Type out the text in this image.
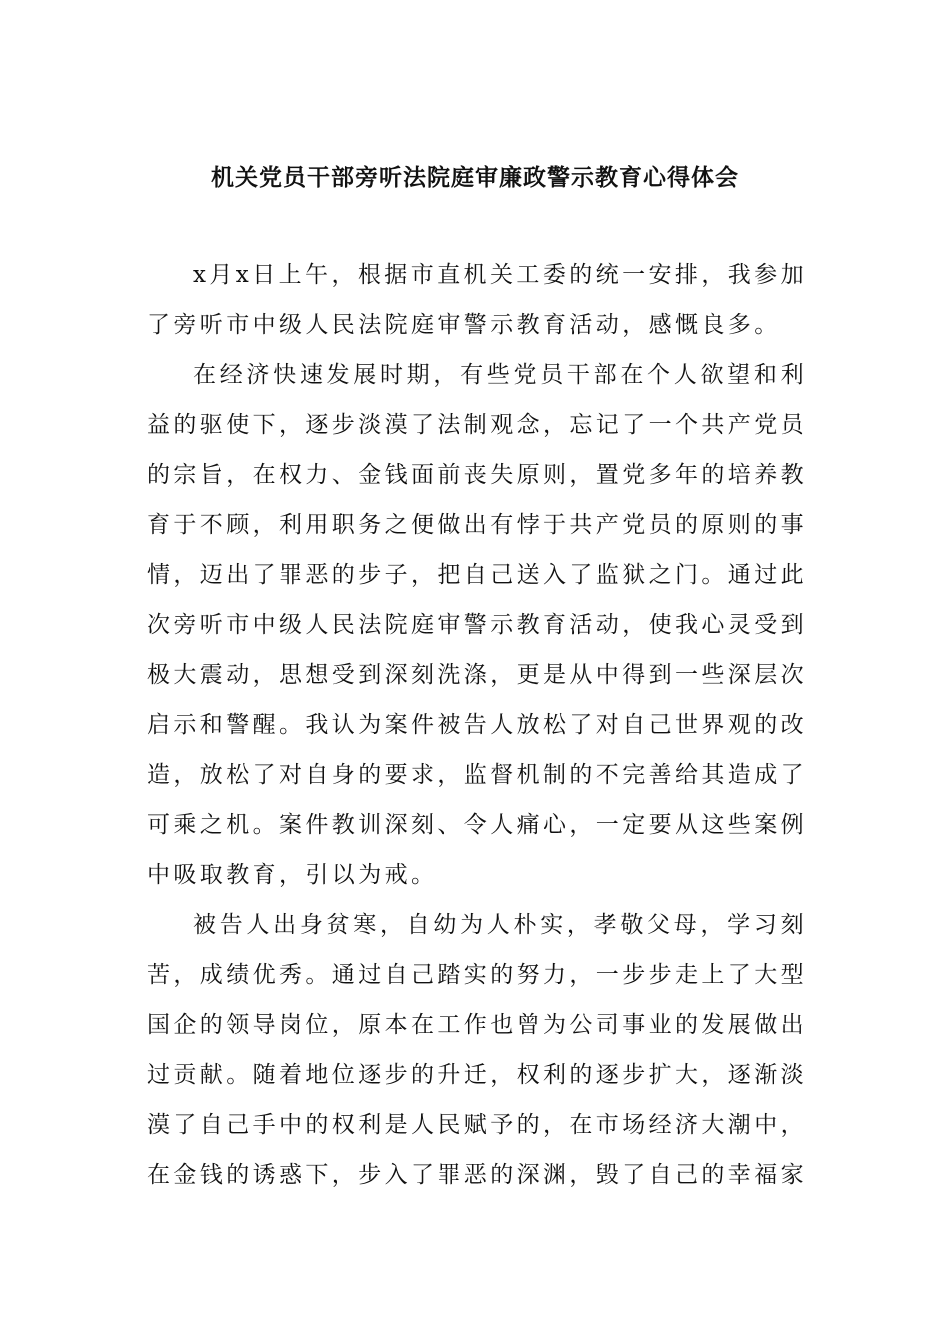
机关党员干部旁听法院庭审廉政警示教育心得体会

x月x日上午，根据市直机关工委的统一安排，我参加了旁听市中级人民法院庭审警示教育活动，感慨良多。

在经济快速发展时期，有些党员干部在个人欲望和利益的驱使下，逐步淡漠了法制观念，忘记了一个共产党员的宗旨，在权力、金钱面前丧失原则，置党多年的培养教育于不顾，利用职务之便做出有悖于共产党员的原则的事情，迈出了罪恶的步子，把自己送入了监狱之门。通过此次旁听市中级人民法院庭审警示教育活动，使我心灵受到极大震动，思想受到深刻洗涤，更是从中得到一些深层次启示和警醒。我认为案件被告人放松了对自己世界观的改造，放松了对自身的要求，监督机制的不完善给其造成了可乘之机。案件教训深刻、令人痛心，一定要从这些案例中吸取教育，引以为戒。

被告人出身贫寒，自幼为人朴实，孝敬父母，学习刻苦，成绩优秀。通过自己踏实的努力，一步步走上了大型国企的领导岗位，原本在工作也曾为公司事业的发展做出过贡献。随着地位逐步的升迁，权利的逐步扩大，逐渐淡漠了自己手中的权利是人民赋予的，在市场经济大潮中，在金钱的诱惑下，步入了罪恶的深渊，毁了自己的幸福家
